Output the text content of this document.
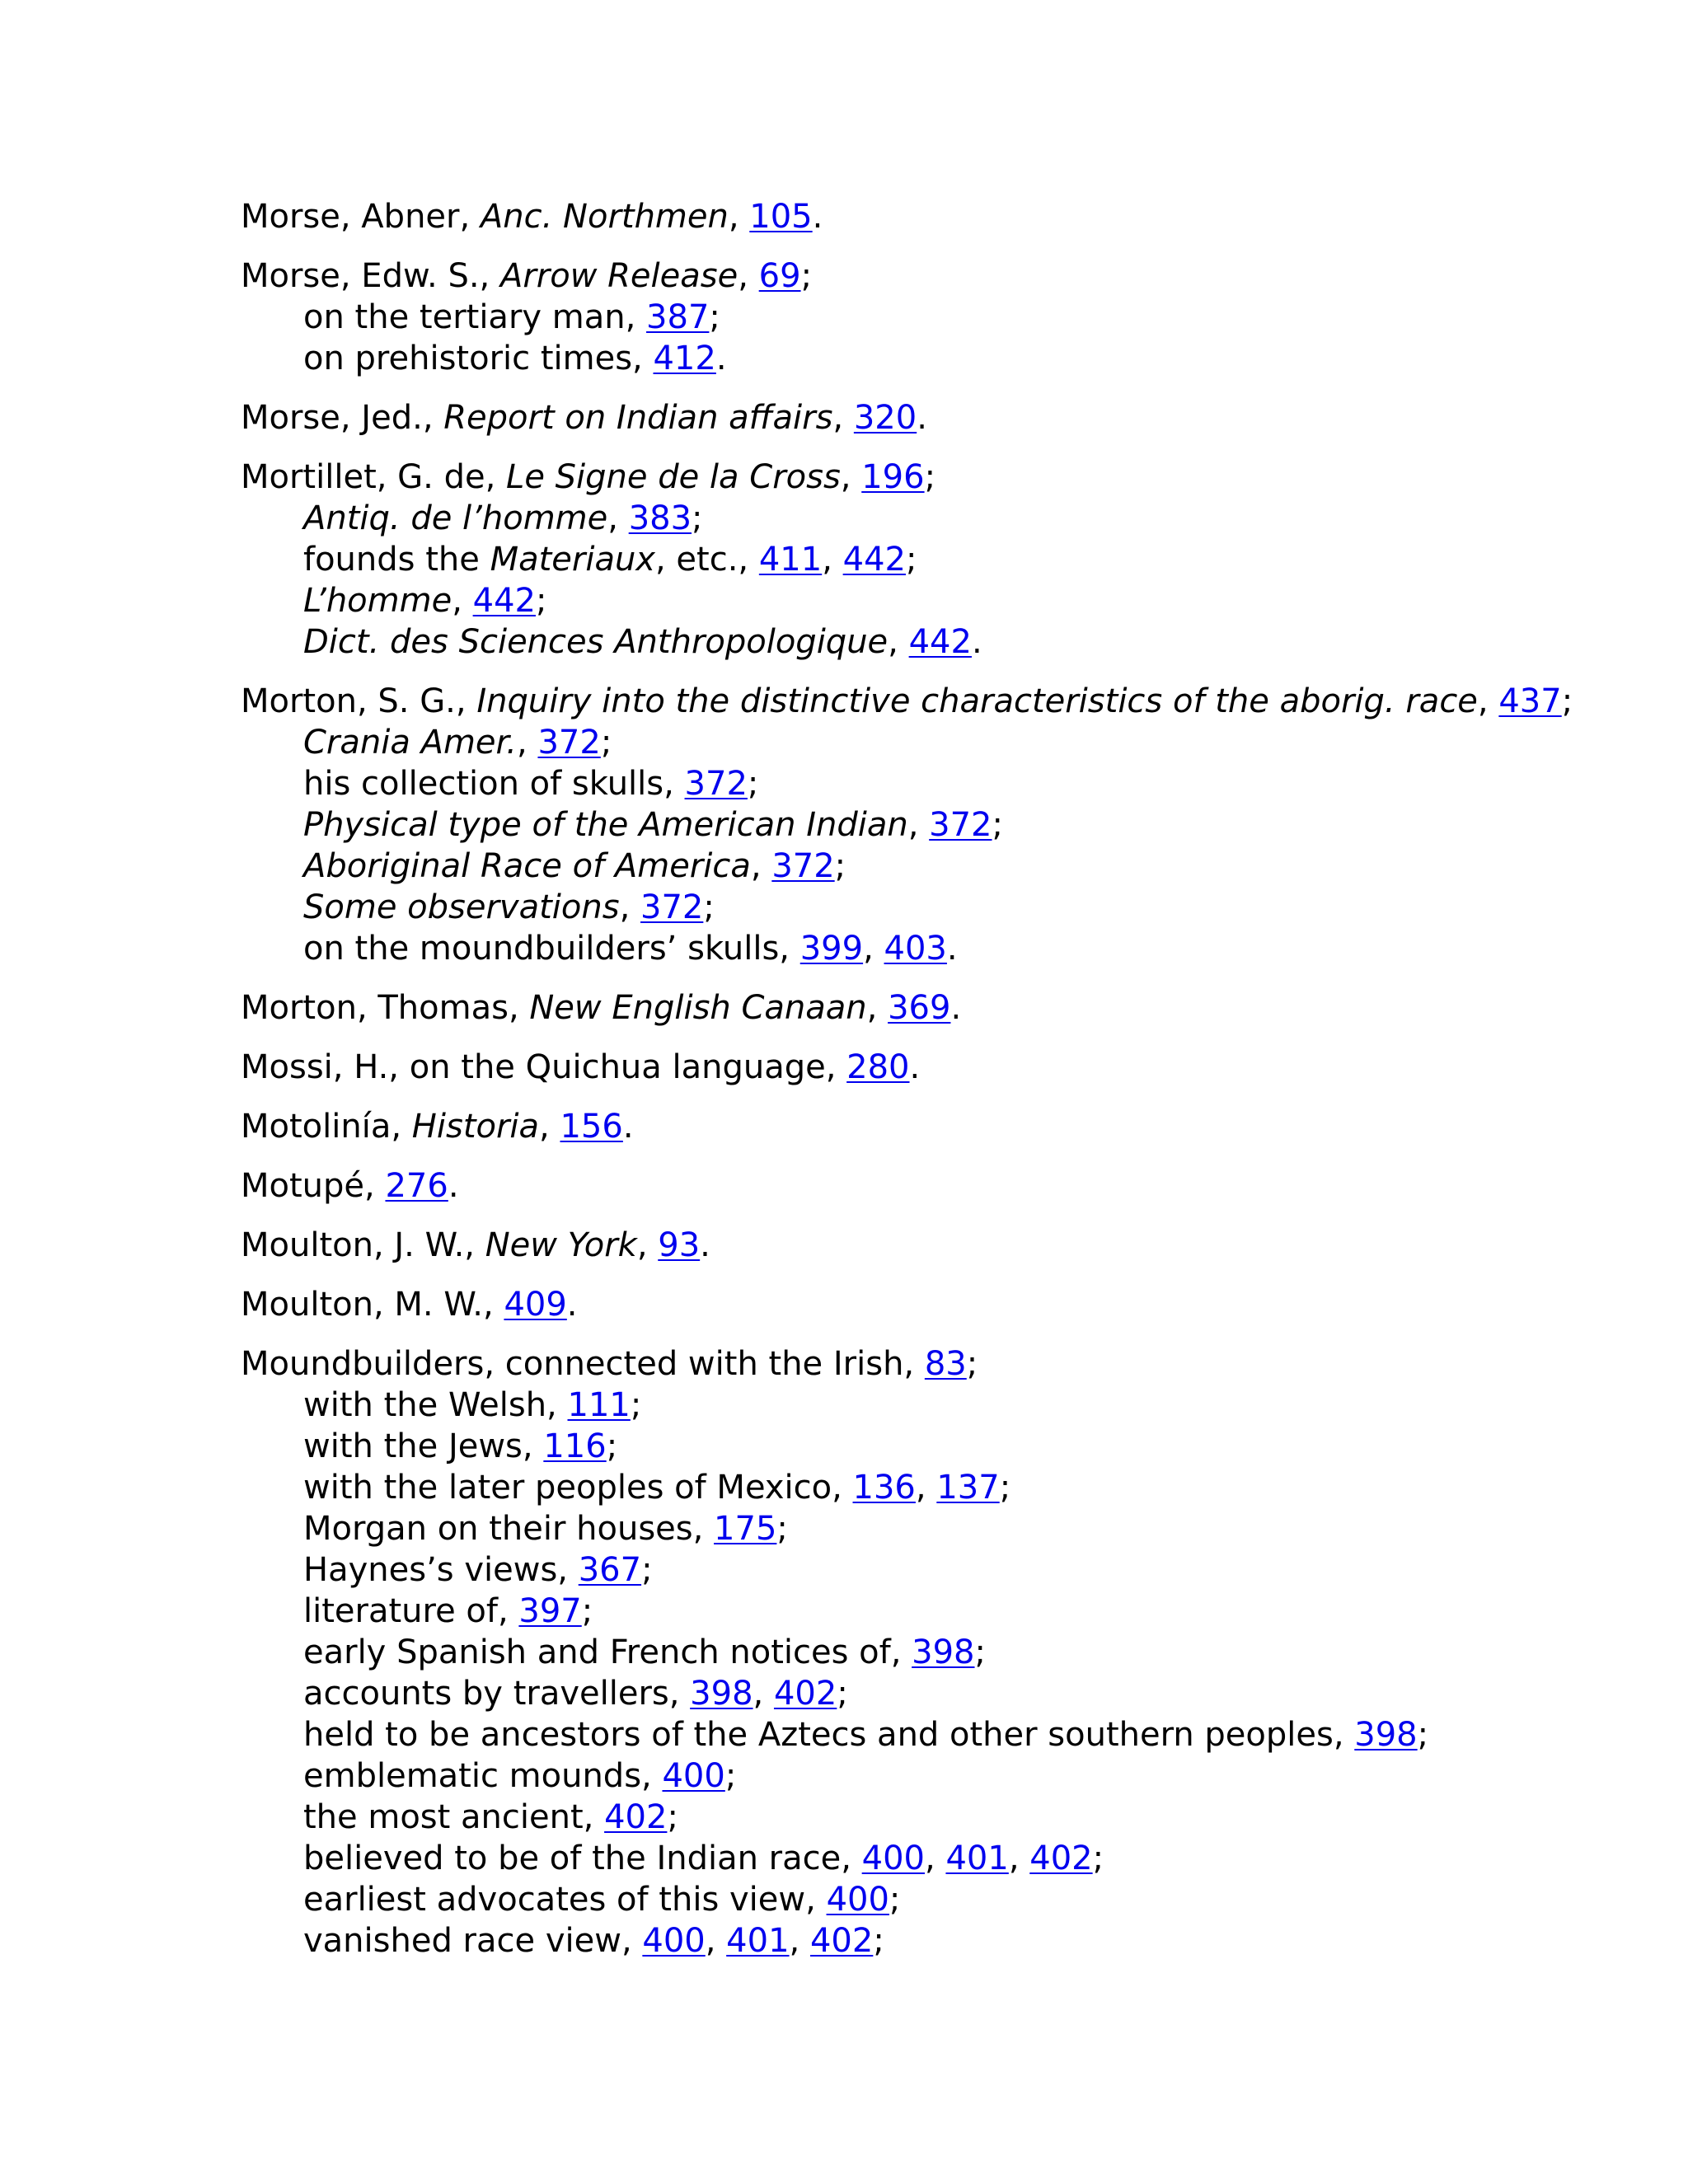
Morse, Abner, Anc. Northmen, 105.
Morse, Edw. S., Arrow Release, 69;
on the tertiary man, 387;
on prehistoric times, 412.
Morse, Jed., Report on Indian affairs, 320.
Mortillet, G. de, Le Signe de la Cross, 196;
Antiq. de l’homme, 383;
founds the Materiaux, etc., 411, 442;
L’homme, 442;
Dict. des Sciences Anthropologique, 442.
Morton, S. G., Inquiry into the distinctive characteristics of the aborig. race, 437;
Crania Amer., 372;
his collection of skulls, 372;
Physical type of the American Indian, 372;
Aboriginal Race of America, 372;
Some observations, 372;
on the moundbuilders’ skulls, 399, 403.
Morton, Thomas, New English Canaan, 369.
Mossi, H., on the Quichua language, 280.
Motolinía, Historia, 156.
Motupé, 276.
Moulton, J. W., New York, 93.
Moulton, M. W., 409.
Moundbuilders, connected with the Irish, 83;
with the Welsh, 111;
with the Jews, 116;
with the later peoples of Mexico, 136, 137;
Morgan on their houses, 175;
Haynes’s views, 367;
literature of, 397;
early Spanish and French notices of, 398;
accounts by travellers, 398, 402;
held to be ancestors of the Aztecs and other southern peoples, 398;
emblematic mounds, 400;
the most ancient, 402;
believed to be of the Indian race, 400, 401, 402;
earliest advocates of this view, 400;
vanished race view, 400, 401, 402;
